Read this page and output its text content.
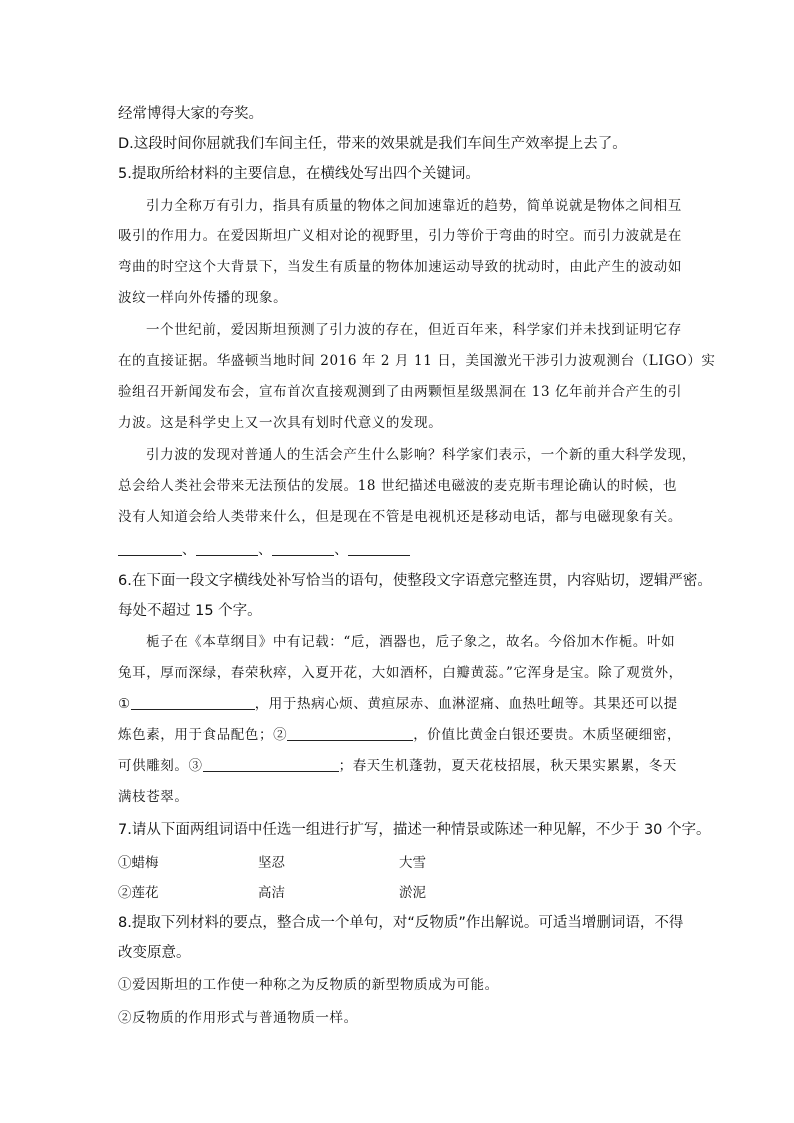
经常博得大家的夸奖。
D.这段时间你屈就我们车间主任，带来的效果就是我们车间生产效率提上去了。
5.提取所给材料的主要信息，在横线处写出四个关键词。
引力全称万有引力，指具有质量的物体之间加速靠近的趋势，简单说就是物体之间相互
吸引的作用力。在爱因斯坦广义相对论的视野里，引力等价于弯曲的时空。而引力波就是在
弯曲的时空这个大背景下，当发生有质量的物体加速运动导致的扰动时，由此产生的波动如
波纹一样向外传播的现象。
一个世纪前，爱因斯坦预测了引力波的存在，但近百年来，科学家们并未找到证明它存
在的直接证据。华盛顿当地时间 2016 年 2 月 11 日，美国激光干涉引力波观测台（LIGO）实
验组召开新闻发布会，宣布首次直接观测到了由两颗恒星级黑洞在 13 亿年前并合产生的引
力波。这是科学史上又一次具有划时代意义的发现。
引力波的发现对普通人的生活会产生什么影响？科学家们表示，一个新的重大科学发现，
总会给人类社会带来无法预估的发展。18 世纪描述电磁波的麦克斯韦理论确认的时候，也
没有人知道会给人类带来什么，但是现在不管是电视机还是移动电话，都与电磁现象有关。
、	、	、
6.在下面一段文字横线处补写恰当的语句，使整段文字语意完整连贯，内容贴切，逻辑严密。
每处不超过 15 个字。
栀子在《本草纲目》中有记载：“卮，酒器也，卮子象之，故名。今俗加木作栀。叶如
兔耳，厚而深绿，春荣秋瘁，入夏开花，大如酒杯，白瓣黄蕊。”它浑身是宝。除了观赏外，
①	，用于热病心烦、黄疸尿赤、血淋涩痛、血热吐衄等。其果还可以提
炼色素，用于食品配色；②	，价值比黄金白银还要贵。木质坚硬细密，
可供雕刻。③	；春天生机蓬勃，夏天花枝招展，秋天果实累累，冬天
满枝苍翠。
7.请从下面两组词语中任选一组进行扩写，描述一种情景或陈述一种见解，不少于 30 个字。
①蜡梅	坚忍	大雪
②莲花	高洁	淤泥
8.提取下列材料的要点，整合成一个单句，对“反物质”作出解说。可适当增删词语，不得
改变原意。
①爱因斯坦的工作使一种称之为反物质的新型物质成为可能。
②反物质的作用形式与普通物质一样。
